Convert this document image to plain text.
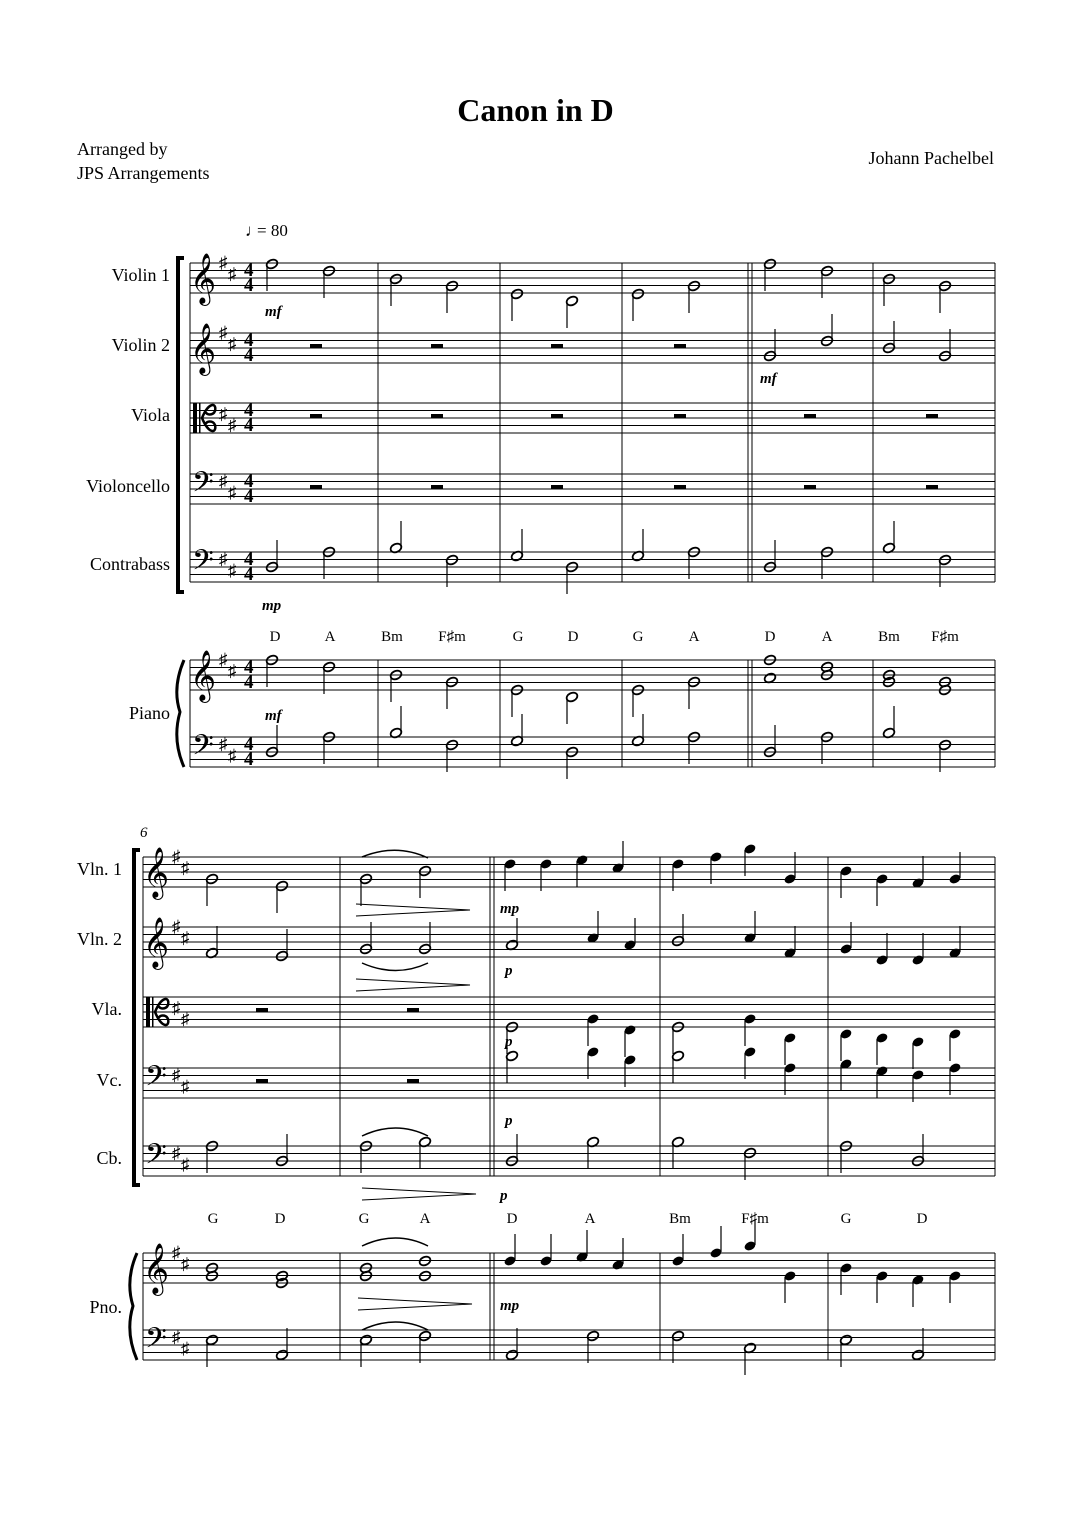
Canon in D
Arranged by
JPS Arrangements
Johann Pachelbel
♩
= 80
Violin 1
Violin 2
Viola
Violoncello
Contrabass
Piano
𝄞 ♯
♯ 4
4
𝄞 ♯
♯ 4
4
♯
♯
4
4
𝄢 ♯
♯
4
4
𝄢 ♯
♯
4
4
𝄞 ♯
♯ 4
4
𝄢 ♯
♯
4
4
mf
mf
mp
D	A	Bm F♯m	G	D	G	A	D	A	Bm F♯m
mf
6
Vln. 1
Vln. 2
Vla.
Vc.
Cb.
Pno.
𝄞 ♯
♯
𝄞 ♯
♯
♯
♯
𝄢 ♯
♯
𝄢 ♯
♯
𝄞 ♯
♯
𝄢 ♯
♯
mp
p
p
p
p
G	D	G	A	D	A	Bm	F♯m	G	D
mp
